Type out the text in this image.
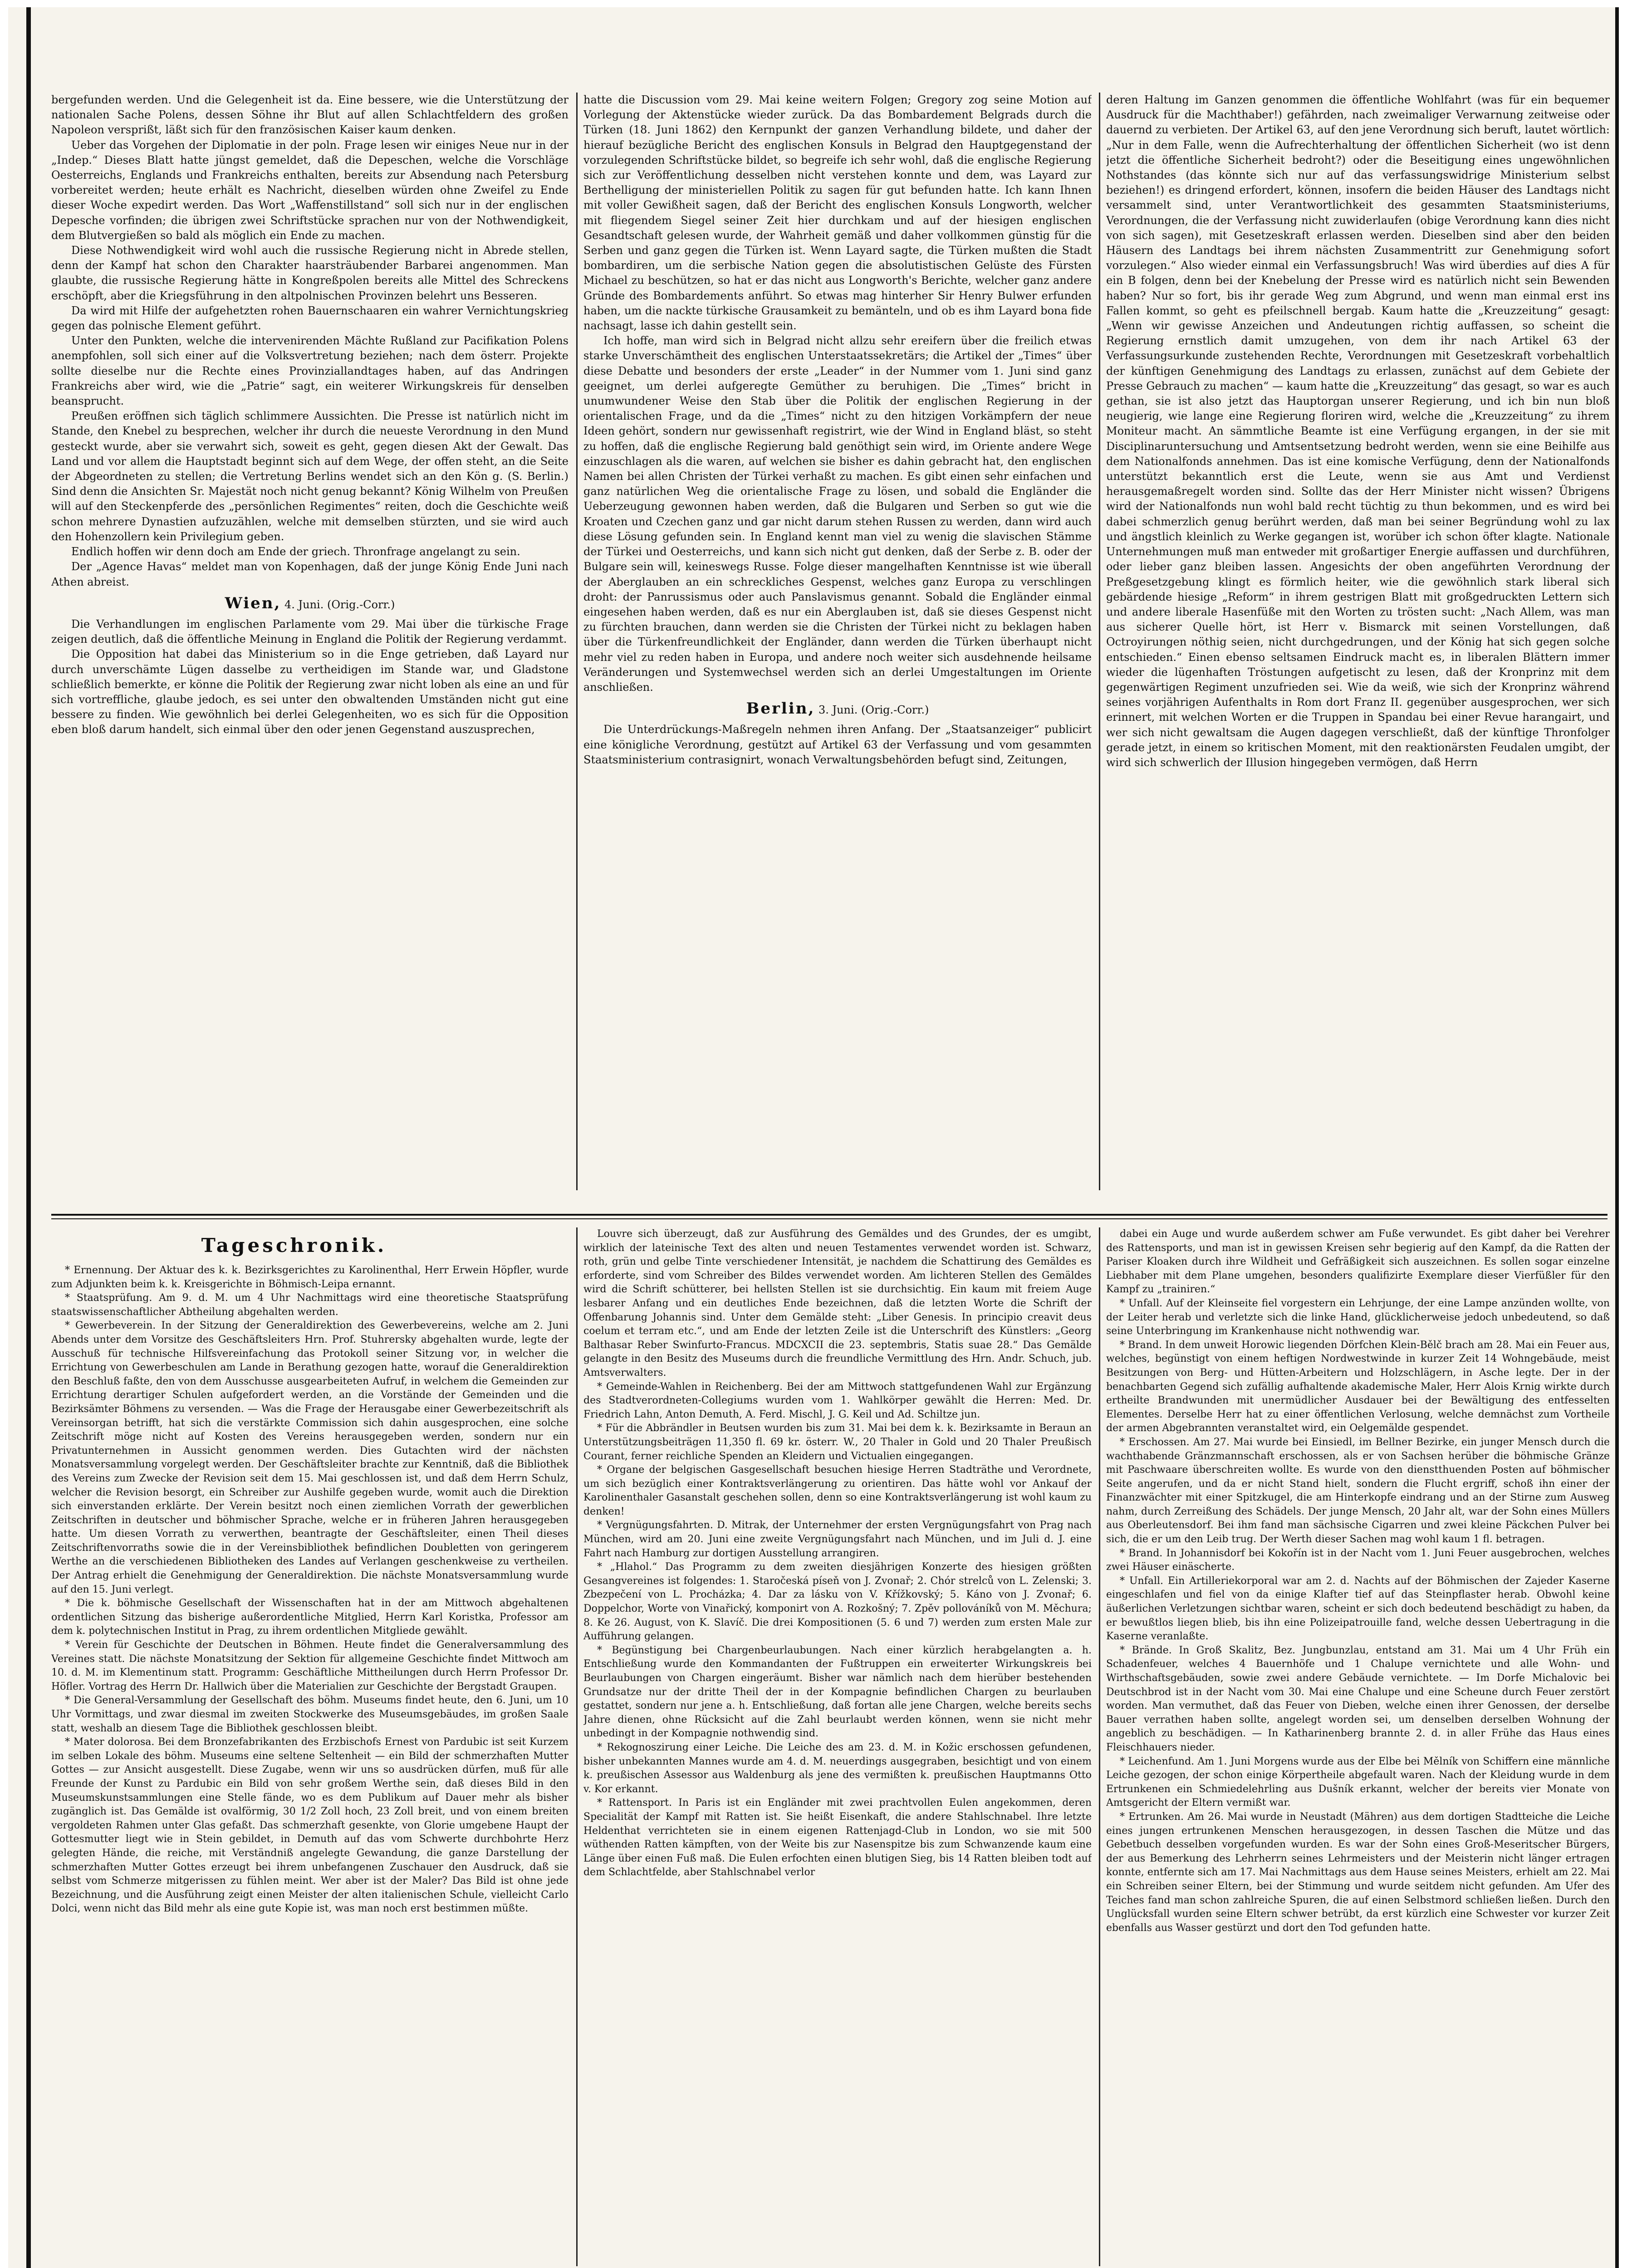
bergefunden werden. Und die Gelegenheit ist da. Eine bessere, wie die Unterstützung der nationalen Sache Polens, dessen Söhne ihr Blut auf allen Schlachtfeldern des großen Napoleon versprißt, läßt sich für den französischen Kaiser kaum denken.

Ueber das Vorgehen der Diplomatie in der poln. Frage lesen wir einiges Neue nur in der „Indep.“ Dieses Blatt hatte jüngst gemeldet, daß die Depeschen, welche die Vorschläge Oesterreichs, Englands und Frankreichs enthalten, bereits zur Absendung nach Petersburg vorbereitet werden; heute erhält es Nachricht, dieselben würden ohne Zweifel zu Ende dieser Woche expedirt werden. Das Wort „Waffenstillstand“ soll sich nur in der englischen Depesche vorfinden; die übrigen zwei Schriftstücke sprachen nur von der Nothwendigkeit, dem Blutvergießen so bald als möglich ein Ende zu machen.

Diese Nothwendigkeit wird wohl auch die russische Regierung nicht in Abrede stellen, denn der Kampf hat schon den Charakter haarsträubender Barbarei angenommen. Man glaubte, die russische Regierung hätte in Kongreßpolen bereits alle Mittel des Schreckens erschöpft, aber die Kriegsführung in den altpolnischen Provinzen belehrt uns Besseren.

Da wird mit Hilfe der aufgehetzten rohen Bauernschaaren ein wahrer Vernichtungskrieg gegen das polnische Element geführt.

Unter den Punkten, welche die intervenirenden Mächte Rußland zur Pacifikation Polens anempfohlen, soll sich einer auf die Volksvertretung beziehen; nach dem österr. Projekte sollte dieselbe nur die Rechte eines Provinziallandtages haben, auf das Andringen Frankreichs aber wird, wie die „Patrie“ sagt, ein weiterer Wirkungskreis für denselben beansprucht.

Preußen eröffnen sich täglich schlimmere Aussichten. Die Presse ist natürlich nicht im Stande, den Knebel zu besprechen, welcher ihr durch die neueste Verordnung in den Mund gesteckt wurde, aber sie verwahrt sich, soweit es geht, gegen diesen Akt der Gewalt. Das Land und vor allem die Hauptstadt beginnt sich auf dem Wege, der offen steht, an die Seite der Abgeordneten zu stellen; die Vertretung Berlins wendet sich an den Kön g. (S. Berlin.) Sind denn die Ansichten Sr. Majestät noch nicht genug bekannt? König Wilhelm von Preußen will auf den Steckenpferde des „persönlichen Regimentes“ reiten, doch die Geschichte weiß schon mehrere Dynastien aufzuzählen, welche mit demselben stürzten, und sie wird auch den Hohenzollern kein Privilegium geben.

Endlich hoffen wir denn doch am Ende der griech. Thronfrage angelangt zu sein.

Der „Agence Havas“ meldet man von Kopenhagen, daß der junge König Ende Juni nach Athen abreist.

Wien, 4. Juni. (Orig.-Corr.)

Die Verhandlungen im englischen Parlamente vom 29. Mai über die türkische Frage zeigen deutlich, daß die öffentliche Meinung in England die Politik der Regierung verdammt.

Die Opposition hat dabei das Ministerium so in die Enge getrieben, daß Layard nur durch unverschämte Lügen dasselbe zu vertheidigen im Stande war, und Gladstone schließlich bemerkte, er könne die Politik der Regierung zwar nicht loben als eine an und für sich vortreffliche, glaube jedoch, es sei unter den obwaltenden Umständen nicht gut eine bessere zu finden. Wie gewöhnlich bei derlei Gelegenheiten, wo es sich für die Opposition eben bloß darum handelt, sich einmal über den oder jenen Gegenstand auszusprechen,

hatte die Discussion vom 29. Mai keine weitern Folgen; Gregory zog seine Motion auf Vorlegung der Aktenstücke wieder zurück. Da das Bombardement Belgrads durch die Türken (18. Juni 1862) den Kernpunkt der ganzen Verhandlung bildete, und daher der hierauf bezügliche Bericht des englischen Konsuls in Belgrad den Hauptgegenstand der vorzulegenden Schriftstücke bildet, so begreife ich sehr wohl, daß die englische Regierung sich zur Veröffentlichung desselben nicht verstehen konnte und dem, was Layard zur Berthelligung der ministeriellen Politik zu sagen für gut befunden hatte. Ich kann Ihnen mit voller Gewißheit sagen, daß der Bericht des englischen Konsuls Longworth, welcher mit fliegendem Siegel seiner Zeit hier durchkam und auf der hiesigen englischen Gesandtschaft gelesen wurde, der Wahrheit gemäß und daher vollkommen günstig für die Serben und ganz gegen die Türken ist. Wenn Layard sagte, die Türken mußten die Stadt bombardiren, um die serbische Nation gegen die absolutistischen Gelüste des Fürsten Michael zu beschützen, so hat er das nicht aus Longworth's Berichte, welcher ganz andere Gründe des Bombardements anführt. So etwas mag hinterher Sir Henry Bulwer erfunden haben, um die nackte türkische Grausamkeit zu bemänteln, und ob es ihm Layard bona fide nachsagt, lasse ich dahin gestellt sein.

Ich hoffe, man wird sich in Belgrad nicht allzu sehr ereifern über die freilich etwas starke Unverschämtheit des englischen Unterstaatssekretärs; die Artikel der „Times“ über diese Debatte und besonders der erste „Leader“ in der Nummer vom 1. Juni sind ganz geeignet, um derlei aufgeregte Gemüther zu beruhigen. Die „Times“ bricht in unumwundener Weise den Stab über die Politik der englischen Regierung in der orientalischen Frage, und da die „Times“ nicht zu den hitzigen Vorkämpfern der neue Ideen gehört, sondern nur gewissenhaft registrirt, wie der Wind in England bläst, so steht zu hoffen, daß die englische Regierung bald genöthigt sein wird, im Oriente andere Wege einzuschlagen als die waren, auf welchen sie bisher es dahin gebracht hat, den englischen Namen bei allen Christen der Türkei verhaßt zu machen. Es gibt einen sehr einfachen und ganz natürlichen Weg die orientalische Frage zu lösen, und sobald die Engländer die Ueberzeugung gewonnen haben werden, daß die Bulgaren und Serben so gut wie die Kroaten und Czechen ganz und gar nicht darum stehen Russen zu werden, dann wird auch diese Lösung gefunden sein. In England kennt man viel zu wenig die slavischen Stämme der Türkei und Oesterreichs, und kann sich nicht gut denken, daß der Serbe z. B. oder der Bulgare sein will, keineswegs Russe. Folge dieser mangelhaften Kenntnisse ist wie überall der Aberglauben an ein schreckliches Gespenst, welches ganz Europa zu verschlingen droht: der Panrussismus oder auch Panslavismus genannt. Sobald die Engländer einmal eingesehen haben werden, daß es nur ein Aberglauben ist, daß sie dieses Gespenst nicht zu fürchten brauchen, dann werden sie die Christen der Türkei nicht zu beklagen haben über die Türkenfreundlichkeit der Engländer, dann werden die Türken überhaupt nicht mehr viel zu reden haben in Europa, und andere noch weiter sich ausdehnende heilsame Veränderungen und Systemwechsel werden sich an derlei Umgestaltungen im Oriente anschließen.

Berlin, 3. Juni. (Orig.-Corr.)

Die Unterdrückungs-Maßregeln nehmen ihren Anfang. Der „Staatsanzeiger“ publicirt eine königliche Verordnung, gestützt auf Artikel 63 der Verfassung und vom gesammten Staatsministerium contrasignirt, wonach Verwaltungsbehörden befugt sind, Zeitungen,

deren Haltung im Ganzen genommen die öffentliche Wohlfahrt (was für ein bequemer Ausdruck für die Machthaber!) gefährden, nach zweimaliger Verwarnung zeitweise oder dauernd zu verbieten. Der Artikel 63, auf den jene Verordnung sich beruft, lautet wörtlich: „Nur in dem Falle, wenn die Aufrechterhaltung der öffentlichen Sicherheit (wo ist denn jetzt die öffentliche Sicherheit bedroht?) oder die Beseitigung eines ungewöhnlichen Nothstandes (das könnte sich nur auf das verfassungswidrige Ministerium selbst beziehen!) es dringend erfordert, können, insofern die beiden Häuser des Landtags nicht versammelt sind, unter Verantwortlichkeit des gesammten Staatsministeriums, Verordnungen, die der Verfassung nicht zuwiderlaufen (obige Verordnung kann dies nicht von sich sagen), mit Gesetzeskraft erlassen werden. Dieselben sind aber den beiden Häusern des Landtags bei ihrem nächsten Zusammentritt zur Genehmigung sofort vorzulegen.“ Also wieder einmal ein Verfassungsbruch! Was wird überdies auf dies A für ein B folgen, denn bei der Knebelung der Presse wird es natürlich nicht sein Bewenden haben? Nur so fort, bis ihr gerade Weg zum Abgrund, und wenn man einmal erst ins Fallen kommt, so geht es pfeilschnell bergab. Kaum hatte die „Kreuzzeitung“ gesagt: „Wenn wir gewisse Anzeichen und Andeutungen richtig auffassen, so scheint die Regierung ernstlich damit umzugehen, von dem ihr nach Artikel 63 der Verfassungsurkunde zustehenden Rechte, Verordnungen mit Gesetzeskraft vorbehaltlich der künftigen Genehmigung des Landtags zu erlassen, zunächst auf dem Gebiete der Presse Gebrauch zu machen“ — kaum hatte die „Kreuzzeitung“ das gesagt, so war es auch gethan, sie ist also jetzt das Hauptorgan unserer Regierung, und ich bin nun bloß neugierig, wie lange eine Regierung floriren wird, welche die „Kreuzzeitung“ zu ihrem Moniteur macht. An sämmtliche Beamte ist eine Verfügung ergangen, in der sie mit Disciplinaruntersuchung und Amtsentsetzung bedroht werden, wenn sie eine Beihilfe aus dem Nationalfonds annehmen. Das ist eine komische Verfügung, denn der Nationalfonds unterstützt bekanntlich erst die Leute, wenn sie aus Amt und Verdienst herausgemaßregelt worden sind. Sollte das der Herr Minister nicht wissen? Übrigens wird der Nationalfonds nun wohl bald recht tüchtig zu thun bekommen, und es wird bei dabei schmerzlich genug berührt werden, daß man bei seiner Begründung wohl zu lax und ängstlich kleinlich zu Werke gegangen ist, worüber ich schon öfter klagte. Nationale Unternehmungen muß man entweder mit großartiger Energie auffassen und durchführen, oder lieber ganz bleiben lassen. Angesichts der oben angeführten Verordnung der Preßgesetzgebung klingt es förmlich heiter, wie die gewöhnlich stark liberal sich gebärdende hiesige „Reform“ in ihrem gestrigen Blatt mit großgedruckten Lettern sich und andere liberale Hasenfüße mit den Worten zu trösten sucht: „Nach Allem, was man aus sicherer Quelle hört, ist Herr v. Bismarck mit seinen Vorstellungen, daß Octroyirungen nöthig seien, nicht durchgedrungen, und der König hat sich gegen solche entschieden.“ Einen ebenso seltsamen Eindruck macht es, in liberalen Blättern immer wieder die lügenhaften Tröstungen aufgetischt zu lesen, daß der Kronprinz mit dem gegenwärtigen Regiment unzufrieden sei. Wie da weiß, wie sich der Kronprinz während seines vorjährigen Aufenthalts in Rom dort Franz II. gegenüber ausgesprochen, wer sich erinnert, mit welchen Worten er die Truppen in Spandau bei einer Revue harangairt, und wer sich nicht gewaltsam die Augen dagegen verschließt, daß der künftige Thronfolger gerade jetzt, in einem so kritischen Moment, mit den reaktionärsten Feudalen umgibt, der wird sich schwerlich der Illusion hingegeben vermögen, daß Herrn

Tageschronik.

* Ernennung. Der Aktuar des k. k. Bezirksgerichtes zu Karolinenthal, Herr Erwein Höpfler, wurde zum Adjunkten beim k. k. Kreisgerichte in Böhmisch-Leipa ernannt.

* Staatsprüfung. Am 9. d. M. um 4 Uhr Nachmittags wird eine theoretische Staatsprüfung staatswissenschaftlicher Abtheilung abgehalten werden.

* Gewerbeverein. In der Sitzung der Generaldirektion des Gewerbevereins, welche am 2. Juni Abends unter dem Vorsitze des Geschäftsleiters Hrn. Prof. Stuhrersky abgehalten wurde, legte der Ausschuß für technische Hilfsvereinfachung das Protokoll seiner Sitzung vor, in welcher die Errichtung von Gewerbeschulen am Lande in Berathung gezogen hatte, worauf die Generaldirektion den Beschluß faßte, den von dem Ausschusse ausgearbeiteten Aufruf, in welchem die Gemeinden zur Errichtung derartiger Schulen aufgefordert werden, an die Vorstände der Gemeinden und die Bezirksämter Böhmens zu versenden. — Was die Frage der Herausgabe einer Gewerbezeitschrift als Vereinsorgan betrifft, hat sich die verstärkte Commission sich dahin ausgesprochen, eine solche Zeitschrift möge nicht auf Kosten des Vereins herausgegeben werden, sondern nur ein Privatunternehmen in Aussicht genommen werden. Dies Gutachten wird der nächsten Monatsversammlung vorgelegt werden. Der Geschäftsleiter brachte zur Kenntniß, daß die Bibliothek des Vereins zum Zwecke der Revision seit dem 15. Mai geschlossen ist, und daß dem Herrn Schulz, welcher die Revision besorgt, ein Schreiber zur Aushilfe gegeben wurde, womit auch die Direktion sich einverstanden erklärte. Der Verein besitzt noch einen ziemlichen Vorrath der gewerblichen Zeitschriften in deutscher und böhmischer Sprache, welche er in früheren Jahren herausgegeben hatte. Um diesen Vorrath zu verwerthen, beantragte der Geschäftsleiter, einen Theil dieses Zeitschriftenvorraths sowie die in der Vereinsbibliothek befindlichen Doubletten von geringerem Werthe an die verschiedenen Bibliotheken des Landes auf Verlangen geschenkweise zu vertheilen. Der Antrag erhielt die Genehmigung der Generaldirektion. Die nächste Monatsversammlung wurde auf den 15. Juni verlegt.

* Die k. böhmische Gesellschaft der Wissenschaften hat in der am Mittwoch abgehaltenen ordentlichen Sitzung das bisherige außerordentliche Mitglied, Herrn Karl Koristka, Professor am dem k. polytechnischen Institut in Prag, zu ihrem ordentlichen Mitgliede gewählt.

* Verein für Geschichte der Deutschen in Böhmen. Heute findet die Generalversammlung des Vereines statt. Die nächste Monatsitzung der Sektion für allgemeine Geschichte findet Mittwoch am 10. d. M. im Klementinum statt. Programm: Geschäftliche Mittheilungen durch Herrn Professor Dr. Höfler. Vortrag des Herrn Dr. Hallwich über die Materialien zur Geschichte der Bergstadt Graupen.

* Die General-Versammlung der Gesellschaft des böhm. Museums findet heute, den 6. Juni, um 10 Uhr Vormittags, und zwar diesmal im zweiten Stockwerke des Museumsgebäudes, im großen Saale statt, weshalb an diesem Tage die Bibliothek geschlossen bleibt.

* Mater dolorosa. Bei dem Bronzefabrikanten des Erzbischofs Ernest von Pardubic ist seit Kurzem im selben Lokale des böhm. Museums eine seltene Seltenheit — ein Bild der schmerzhaften Mutter Gottes — zur Ansicht ausgestellt. Diese Zugabe, wenn wir uns so ausdrücken dürfen, muß für alle Freunde der Kunst zu Pardubic ein Bild von sehr großem Werthe sein, daß dieses Bild in den Museumskunstsammlungen eine Stelle fände, wo es dem Publikum auf Dauer mehr als bisher zugänglich ist. Das Gemälde ist ovalförmig, 30 1/2 Zoll hoch, 23 Zoll breit, und von einem breiten vergoldeten Rahmen unter Glas gefaßt. Das schmerzhaft gesenkte, von Glorie umgebene Haupt der Gottesmutter liegt wie in Stein gebildet, in Demuth auf das vom Schwerte durchbohrte Herz gelegten Hände, die reiche, mit Verständniß angelegte Gewandung, die ganze Darstellung der schmerzhaften Mutter Gottes erzeugt bei ihrem unbefangenen Zuschauer den Ausdruck, daß sie selbst vom Schmerze mitgerissen zu fühlen meint. Wer aber ist der Maler? Das Bild ist ohne jede Bezeichnung, und die Ausführung zeigt einen Meister der alten italienischen Schule, vielleicht Carlo Dolci, wenn nicht das Bild mehr als eine gute Kopie ist, was man noch erst bestimmen müßte.

Louvre sich überzeugt, daß zur Ausführung des Gemäldes und des Grundes, der es umgibt, wirklich der lateinische Text des alten und neuen Testamentes verwendet worden ist. Schwarz, roth, grün und gelbe Tinte verschiedener Intensität, je nachdem die Schattirung des Gemäldes es erforderte, sind vom Schreiber des Bildes verwendet worden. Am lichteren Stellen des Gemäldes wird die Schrift schütterer, bei hellsten Stellen ist sie durchsichtig. Ein kaum mit freiem Auge lesbarer Anfang und ein deutliches Ende bezeichnen, daß die letzten Worte die Schrift der Offenbarung Johannis sind. Unter dem Gemälde steht: „Liber Genesis. In principio creavit deus coelum et terram etc.“, und am Ende der letzten Zeile ist die Unterschrift des Künstlers: „Georg Balthasar Reber Swinfurto-Francus. MDCXCII die 23. septembris, Statis suae 28.“ Das Gemälde gelangte in den Besitz des Museums durch die freundliche Vermittlung des Hrn. Andr. Schuch, jub. Amtsverwalters.

* Gemeinde-Wahlen in Reichenberg. Bei der am Mittwoch stattgefundenen Wahl zur Ergänzung des Stadtverordneten-Collegiums wurden vom 1. Wahlkörper gewählt die Herren: Med. Dr. Friedrich Lahn, Anton Demuth, A. Ferd. Mischl, J. G. Keil und Ad. Schiltze jun.

* Für die Abbrändler in Beutsen wurden bis zum 31. Mai bei dem k. k. Bezirksamte in Beraun an Unterstützungsbeiträgen 11,350 fl. 69 kr. österr. W., 20 Thaler in Gold und 20 Thaler Preußisch Courant, ferner reichliche Spenden an Kleidern und Victualien eingegangen.

* Organe der belgischen Gasgesellschaft besuchen hiesige Herren Stadträthe und Verordnete, um sich bezüglich einer Kontraktsverlängerung zu orientiren. Das hätte wohl vor Ankauf der Karolinenthaler Gasanstalt geschehen sollen, denn so eine Kontraktsverlängerung ist wohl kaum zu denken!

* Vergnügungsfahrten. D. Mitrak, der Unternehmer der ersten Vergnügungsfahrt von Prag nach München, wird am 20. Juni eine zweite Vergnügungsfahrt nach München, und im Juli d. J. eine Fahrt nach Hamburg zur dortigen Ausstellung arrangiren.

* „Hlahol.“ Das Programm zu dem zweiten diesjährigen Konzerte des hiesigen größten Gesangvereines ist folgendes: 1. Staročeská píseň von J. Zvonař; 2. Chór strelců von L. Zelenski; 3. Zbezpečení von L. Procházka; 4. Dar za lásku von V. Křížkovský; 5. Káno von J. Zvonař; 6. Doppelchor, Worte von Vinařický, komponirt von A. Rozkošný; 7. Zpěv pollováníků von M. Měchura; 8. Ke 26. August, von K. Slavíč. Die drei Kompositionen (5. 6 und 7) werden zum ersten Male zur Aufführung gelangen.

* Begünstigung bei Chargenbeurlaubungen. Nach einer kürzlich herabgelangten a. h. Entschließung wurde den Kommandanten der Fußtruppen ein erweiterter Wirkungskreis bei Beurlaubungen von Chargen eingeräumt. Bisher war nämlich nach dem hierüber bestehenden Grundsatze nur der dritte Theil der in der Kompagnie befindlichen Chargen zu beurlauben gestattet, sondern nur jene a. h. Entschließung, daß fortan alle jene Chargen, welche bereits sechs Jahre dienen, ohne Rücksicht auf die Zahl beurlaubt werden können, wenn sie nicht mehr unbedingt in der Kompagnie nothwendig sind.

* Rekognoszirung einer Leiche. Die Leiche des am 23. d. M. in Kožic erschossen gefundenen, bisher unbekannten Mannes wurde am 4. d. M. neuerdings ausgegraben, besichtigt und von einem k. preußischen Assessor aus Waldenburg als jene des vermißten k. preußischen Hauptmanns Otto v. Kor erkannt.

* Rattensport. In Paris ist ein Engländer mit zwei prachtvollen Eulen angekommen, deren Specialität der Kampf mit Ratten ist. Sie heißt Eisenkaft, die andere Stahlschnabel. Ihre letzte Heldenthat verrichteten sie in einem eigenen Rattenjagd-Club in London, wo sie mit 500 wüthenden Ratten kämpften, von der Weite bis zur Nasenspitze bis zum Schwanzende kaum eine Länge über einen Fuß maß. Die Eulen erfochten einen blutigen Sieg, bis 14 Ratten bleiben todt auf dem Schlachtfelde, aber Stahlschnabel verlor

dabei ein Auge und wurde außerdem schwer am Fuße verwundet. Es gibt daher bei Verehrer des Rattensports, und man ist in gewissen Kreisen sehr begierig auf den Kampf, da die Ratten der Pariser Kloaken durch ihre Wildheit und Gefräßigkeit sich auszeichnen. Es sollen sogar einzelne Liebhaber mit dem Plane umgehen, besonders qualifizirte Exemplare dieser Vierfüßler für den Kampf zu „trainiren.“

* Unfall. Auf der Kleinseite fiel vorgestern ein Lehrjunge, der eine Lampe anzünden wollte, von der Leiter herab und verletzte sich die linke Hand, glücklicherweise jedoch unbedeutend, so daß seine Unterbringung im Krankenhause nicht nothwendig war.

* Brand. In dem unweit Horowic liegenden Dörfchen Klein-Bělč brach am 28. Mai ein Feuer aus, welches, begünstigt von einem heftigen Nordwestwinde in kurzer Zeit 14 Wohngebäude, meist Besitzungen von Berg- und Hütten-Arbeitern und Holzschlägern, in Asche legte. Der in der benachbarten Gegend sich zufällig aufhaltende akademische Maler, Herr Alois Krnig wirkte durch ertheilte Brandwunden mit unermüdlicher Ausdauer bei der Bewältigung des entfesselten Elementes. Derselbe Herr hat zu einer öffentlichen Verlosung, welche demnächst zum Vortheile der armen Abgebrannten veranstaltet wird, ein Oelgemälde gespendet.

* Erschossen. Am 27. Mai wurde bei Einsiedl, im Bellner Bezirke, ein junger Mensch durch die wachthabende Gränzmannschaft erschossen, als er von Sachsen herüber die böhmische Gränze mit Paschwaare überschreiten wollte. Es wurde von den dienstthuenden Posten auf böhmischer Seite angerufen, und da er nicht Stand hielt, sondern die Flucht ergriff, schoß ihn einer der Finanzwächter mit einer Spitzkugel, die am Hinterkopfe eindrang und an der Stirne zum Ausweg nahm, durch Zerreißung des Schädels. Der junge Mensch, 20 Jahr alt, war der Sohn eines Müllers aus Oberleutensdorf. Bei ihm fand man sächsische Cigarren und zwei kleine Päckchen Pulver bei sich, die er um den Leib trug. Der Werth dieser Sachen mag wohl kaum 1 fl. betragen.

* Brand. In Johannisdorf bei Kokořín ist in der Nacht vom 1. Juni Feuer ausgebrochen, welches zwei Häuser einäscherte.

* Unfall. Ein Artilleriekorporal war am 2. d. Nachts auf der Böhmischen der Zajeder Kaserne eingeschlafen und fiel von da einige Klafter tief auf das Steinpflaster herab. Obwohl keine äußerlichen Verletzungen sichtbar waren, scheint er sich doch bedeutend beschädigt zu haben, da er bewußtlos liegen blieb, bis ihn eine Polizeipatrouille fand, welche dessen Uebertragung in die Kaserne veranlaßte.

* Brände. In Groß Skalitz, Bez. Jungbunzlau, entstand am 31. Mai um 4 Uhr Früh ein Schadenfeuer, welches 4 Bauernhöfe und 1 Chalupe vernichtete und alle Wohn- und Wirthschaftsgebäuden, sowie zwei andere Gebäude vernichtete. — Im Dorfe Michalovic bei Deutschbrod ist in der Nacht vom 30. Mai eine Chalupe und eine Scheune durch Feuer zerstört worden. Man vermuthet, daß das Feuer von Dieben, welche einen ihrer Genossen, der derselbe Bauer verrathen haben sollte, angelegt worden sei, um denselben derselben Wohnung der angeblich zu beschädigen. — In Katharinenberg brannte 2. d. in aller Frühe das Haus eines Fleischhauers nieder.

* Leichenfund. Am 1. Juni Morgens wurde aus der Elbe bei Mělník von Schiffern eine männliche Leiche gezogen, der schon einige Körpertheile abgefault waren. Nach der Kleidung wurde in dem Ertrunkenen ein Schmiedelehrling aus Dušník erkannt, welcher der bereits vier Monate von Amtsgericht der Eltern vermißt war.

* Ertrunken. Am 26. Mai wurde in Neustadt (Mähren) aus dem dortigen Stadtteiche die Leiche eines jungen ertrunkenen Menschen herausgezogen, in dessen Taschen die Mütze und das Gebetbuch desselben vorgefunden wurden. Es war der Sohn eines Groß-Meseritscher Bürgers, der aus Bemerkung des Lehrherrn seines Lehrmeisters und der Meisterin nicht länger ertragen konnte, entfernte sich am 17. Mai Nachmittags aus dem Hause seines Meisters, erhielt am 22. Mai ein Schreiben seiner Eltern, bei der Stimmung und wurde seitdem nicht gefunden. Am Ufer des Teiches fand man schon zahlreiche Spuren, die auf einen Selbstmord schließen ließen. Durch den Unglücksfall wurden seine Eltern schwer betrübt, da erst kürzlich eine Schwester vor kurzer Zeit ebenfalls aus Wasser gestürzt und dort den Tod gefunden hatte.
